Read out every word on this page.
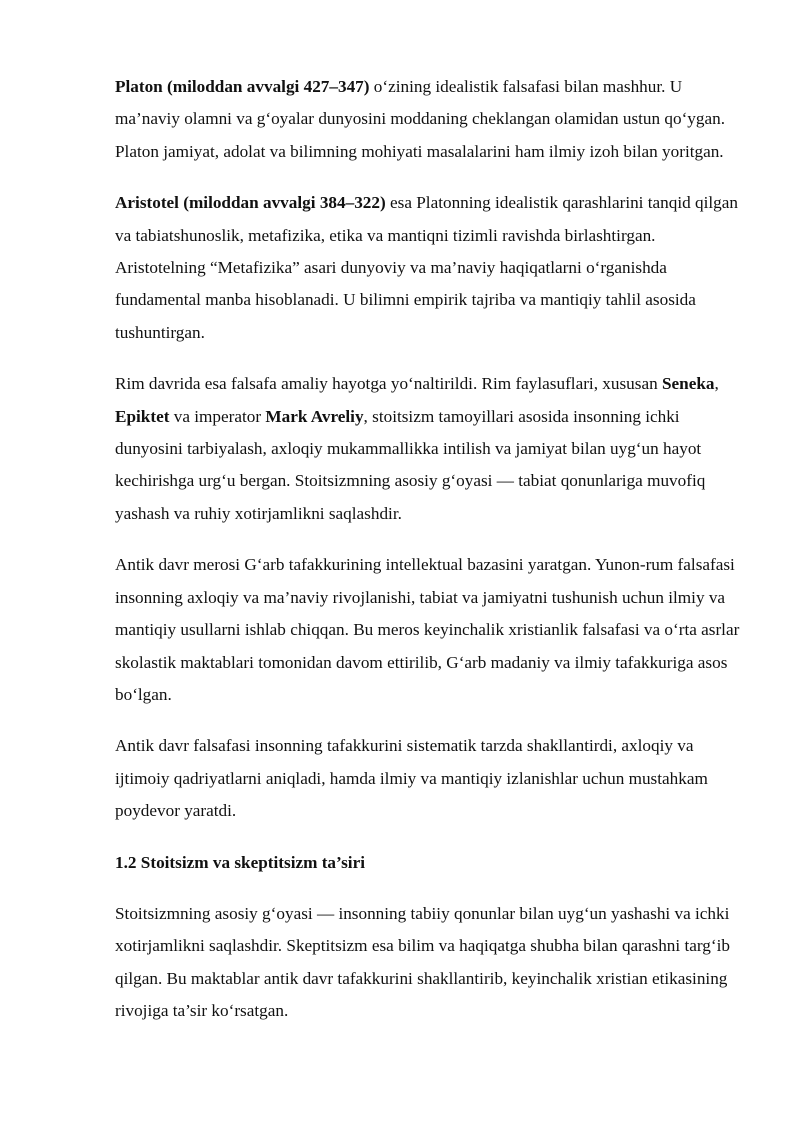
Platon (miloddan avvalgi 427–347) o‘zining idealistik falsafasi bilan mashhur. U ma’naviy olamni va g‘oyalar dunyosini moddaning cheklangan olamidan ustun qo‘ygan. Platon jamiyat, adolat va bilimning mohiyati masalalarini ham ilmiy izoh bilan yoritgan.

Aristotel (miloddan avvalgi 384–322) esa Platonning idealistik qarashlarini tanqid qilgan va tabiatshunoslik, metafizika, etika va mantiqni tizimli ravishda birlashtirgan. Aristotelning “Metafizika” asari dunyoviy va ma’naviy haqiqatlarni o‘rganishda fundamental manba hisoblanadi. U bilimni empirik tajriba va mantiqiy tahlil asosida tushuntirgan.

Rim davrida esa falsafa amaliy hayotga yo‘naltirildi. Rim faylasuflari, xususan Seneka, Epiktet va imperator Mark Avreliy, stoitsizm tamoyillari asosida insonning ichki dunyosini tarbiyalash, axloqiy mukammallikka intilish va jamiyat bilan uyg‘un hayot kechirishga urg‘u bergan. Stoitsizmning asosiy g‘oyasi — tabiat qonunlariga muvofiq yashash va ruhiy xotirjamlikni saqlashdir.

Antik davr merosi G‘arb tafakkurining intellektual bazasini yaratgan. Yunon-rum falsafasi insonning axloqiy va ma’naviy rivojlanishi, tabiat va jamiyatni tushunish uchun ilmiy va mantiqiy usullarni ishlab chiqqan. Bu meros keyinchalik xristianlik falsafasi va o‘rta asrlar skolastik maktablari tomonidan davom ettirilib, G‘arb madaniy va ilmiy tafakkuriga asos bo‘lgan.

Antik davr falsafasi insonning tafakkurini sistematik tarzda shakllantirdi, axloqiy va ijtimoiy qadriyatlarni aniqladi, hamda ilmiy va mantiqiy izlanishlar uchun mustahkam poydevor yaratdi.

1.2 Stoitsizm va skeptitsizm ta’siri

Stoitsizmning asosiy g‘oyasi — insonning tabiiy qonunlar bilan uyg‘un yashashi va ichki xotirjamlikni saqlashdir. Skeptitsizm esa bilim va haqiqatga shubha bilan qarashni targ‘ib qilgan. Bu maktablar antik davr tafakkurini shakllantirib, keyinchalik xristian etikasining rivojiga ta’sir ko‘rsatgan.
